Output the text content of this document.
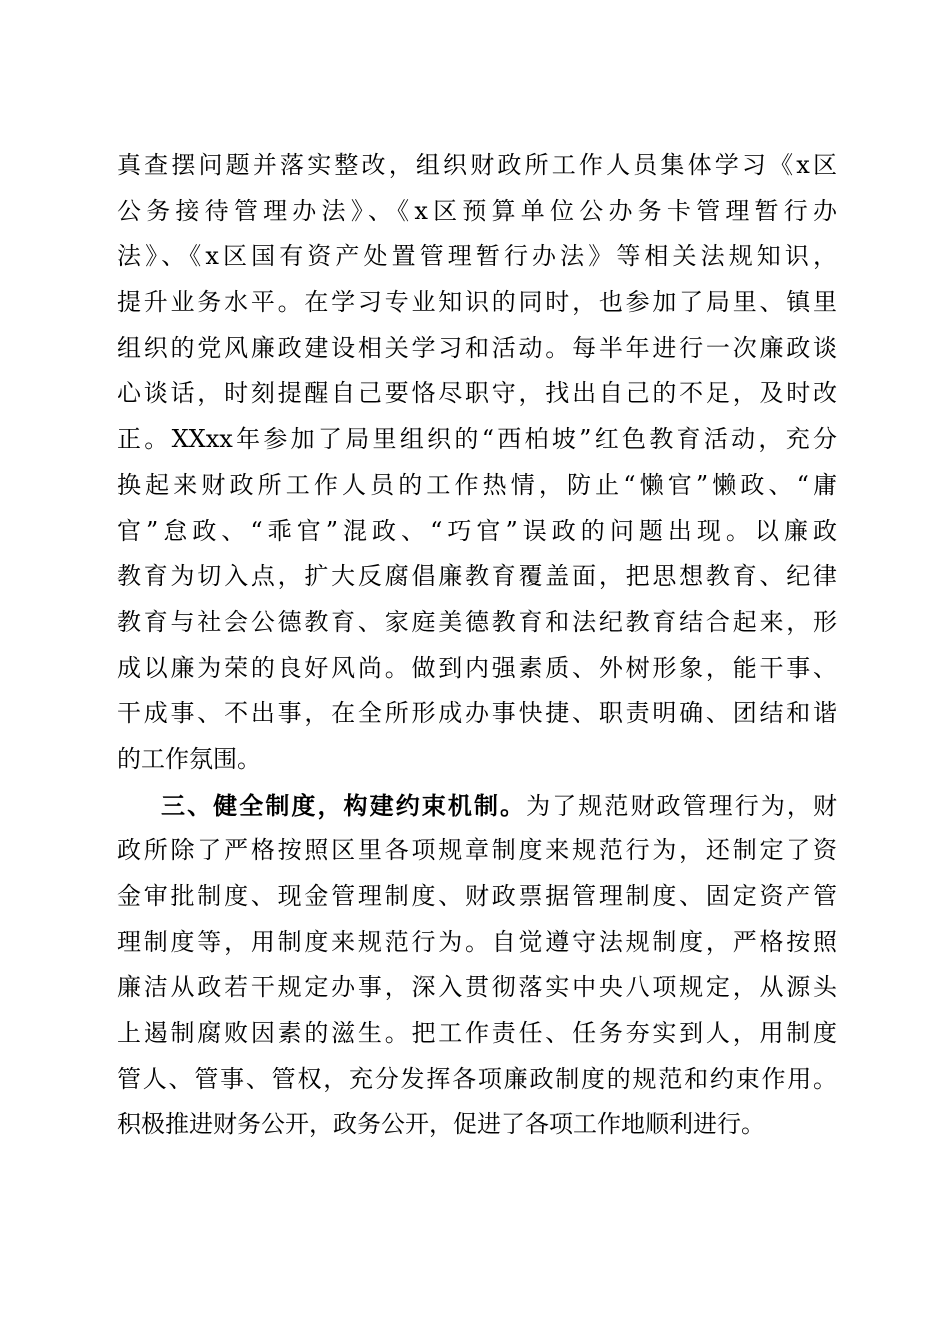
真查摆问题并落实整改，组织财政所工作人员集体学习《x区
公务接待管理办法》、《x区预算单位公办务卡管理暂行办
法》、《x区国有资产处置管理暂行办法》等相关法规知识，
提升业务水平。在学习专业知识的同时，也参加了局里、镇里
组织的党风廉政建设相关学习和活动。每半年进行一次廉政谈
心谈话，时刻提醒自己要恪尽职守，找出自己的不足，及时改
正。XXxx年参加了局里组织的“西柏坡”红色教育活动，充分
换起来财政所工作人员的工作热情，防止“懒官”懒政、“庸
官”怠政、“乖官”混政、“巧官”误政的问题出现。以廉政
教育为切入点，扩大反腐倡廉教育覆盖面，把思想教育、纪律
教育与社会公德教育、家庭美德教育和法纪教育结合起来，形
成以廉为荣的良好风尚。做到内强素质、外树形象，能干事、
干成事、不出事，在全所形成办事快捷、职责明确、团结和谐
的工作氛围。
三、健全制度，构建约束机制。为了规范财政管理行为，财
政所除了严格按照区里各项规章制度来规范行为，还制定了资
金审批制度、现金管理制度、财政票据管理制度、固定资产管
理制度等，用制度来规范行为。自觉遵守法规制度，严格按照
廉洁从政若干规定办事，深入贯彻落实中央八项规定，从源头
上遏制腐败因素的滋生。把工作责任、任务夯实到人，用制度
管人、管事、管权，充分发挥各项廉政制度的规范和约束作用。
积极推进财务公开，政务公开，促进了各项工作地顺利进行。
